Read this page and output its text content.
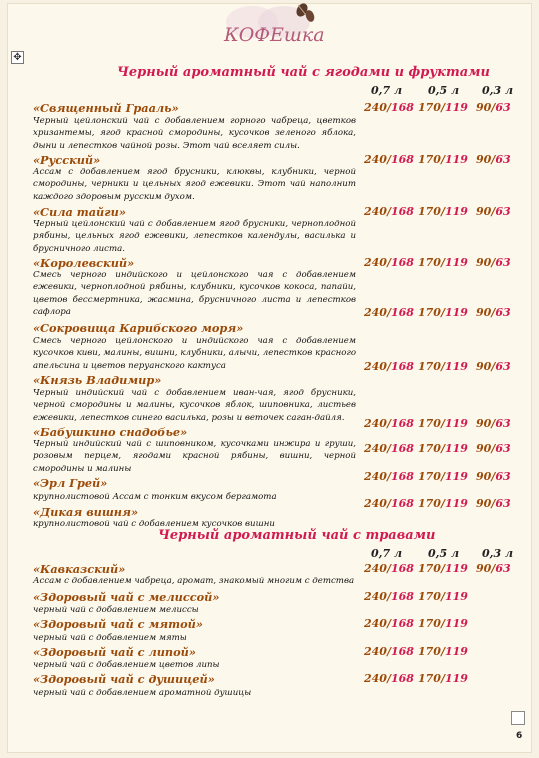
КОФЕшка
✥
Черный ароматный чай с ягодами и фруктами
0,7 л 0,5 л 0,3 л
«Священный Грааль»
Черный цейлонский чай с добавлением горного чабреца, цветков хризантемы, ягод красной смородины, кусочков зеленого яблока, дыни и лепестков чайной розы. Этот чай вселяет силы.
240/168 170/119 90/63
«Русский»
Ассам с добавлением ягод брусники, клюквы, клубники, черной смородины, черники и цельных ягод ежевики. Этот чай наполнит каждого здоровым русским духом.
240/168 170/119 90/63
«Сила тайги»
Черный цейлонский чай с добавлением ягод брусники, черноплодной рябины, цельных ягод ежевики, лепестков календулы, василька и брусничного листа.
240/168 170/119 90/63
«Королевский»
Смесь черного индийского и цейлонского чая с добавлением ежевики, черноплодной рябины, клубники, кусочков кокоса, папайи, цветов бессмертника, жасмина, брусничного листа и лепестков сафлора
240/168 170/119 90/63
«Сокровища Карибского моря»
Смесь черного цейлонского и индийского чая с добавлением кусочков киви, малины, вишни, клубники, алычи, лепестков красного апельсина и цветов перуанского кактуса
240/168 170/119 90/63
«Князь Владимир»
Черный индийский чай с добавлением иван-чая, ягод брусники, черной смородины и малины, кусочков яблок, шиповника, листьев ежевики, лепестков синего василька, розы и веточек саган-дайля.
240/168 170/119 90/63
«Бабушкино снадобье»
Черный индийский чай с шиповником, кусочками инжира и груши, розовым перцем, ягодами красной рябины, вишни, черной смородины и малины
240/168 170/119 90/63
«Эрл Грей»
крупнолистовой Ассам с тонким вкусом бергамота
240/168 170/119 90/63
«Дикая вишня»
крупнолистовой чай с добавлением кусочков вишни
240/168 170/119 90/63
240/168 170/119 90/63
Черный ароматный чай с травами
0,7 л 0,5 л 0,3 л
«Кавказский»
Ассам с добавлением чабреца, аромат, знакомый многим с детства
240/168 170/119 90/63
«Здоровый чай с мелиссой»
черный чай с добавлением мелиссы
240/168 170/119
«Здоровый чай с мятой»
черный чай с добавлением мяты
240/168 170/119
«Здоровый чай с липой»
черный чай с добавлением цветов липы
240/168 170/119
«Здоровый чай с душицей»
черный чай с добавлением ароматной душицы
240/168 170/119
6
